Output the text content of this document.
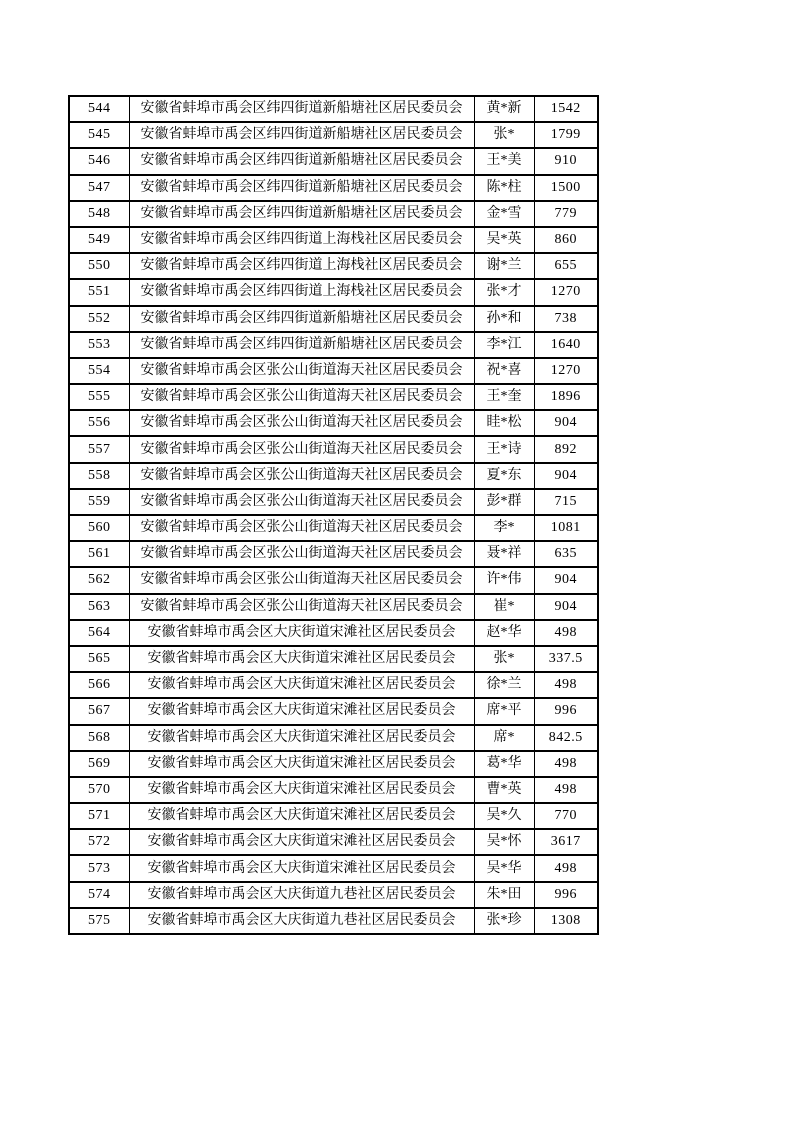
544	安徽省蚌埠市禹会区纬四街道新船塘社区居民委员会	黄*新	1542
545	安徽省蚌埠市禹会区纬四街道新船塘社区居民委员会	张*	1799
546	安徽省蚌埠市禹会区纬四街道新船塘社区居民委员会	王*美	910
547	安徽省蚌埠市禹会区纬四街道新船塘社区居民委员会	陈*柱	1500
548	安徽省蚌埠市禹会区纬四街道新船塘社区居民委员会	金*雪	779
549	安徽省蚌埠市禹会区纬四街道上海栈社区居民委员会	吴*英	860
550	安徽省蚌埠市禹会区纬四街道上海栈社区居民委员会	谢*兰	655
551	安徽省蚌埠市禹会区纬四街道上海栈社区居民委员会	张*才	1270
552	安徽省蚌埠市禹会区纬四街道新船塘社区居民委员会	孙*和	738
553	安徽省蚌埠市禹会区纬四街道新船塘社区居民委员会	李*江	1640
554	安徽省蚌埠市禹会区张公山街道海天社区居民委员会	祝*喜	1270
555	安徽省蚌埠市禹会区张公山街道海天社区居民委员会	王*奎	1896
556	安徽省蚌埠市禹会区张公山街道海天社区居民委员会	眭*松	904
557	安徽省蚌埠市禹会区张公山街道海天社区居民委员会	王*诗	892
558	安徽省蚌埠市禹会区张公山街道海天社区居民委员会	夏*东	904
559	安徽省蚌埠市禹会区张公山街道海天社区居民委员会	彭*群	715
560	安徽省蚌埠市禹会区张公山街道海天社区居民委员会	李*	1081
561	安徽省蚌埠市禹会区张公山街道海天社区居民委员会	聂*祥	635
562	安徽省蚌埠市禹会区张公山街道海天社区居民委员会	许*伟	904
563	安徽省蚌埠市禹会区张公山街道海天社区居民委员会	崔*	904
564	安徽省蚌埠市禹会区大庆街道宋滩社区居民委员会	赵*华	498
565	安徽省蚌埠市禹会区大庆街道宋滩社区居民委员会	张*	337.5
566	安徽省蚌埠市禹会区大庆街道宋滩社区居民委员会	徐*兰	498
567	安徽省蚌埠市禹会区大庆街道宋滩社区居民委员会	席*平	996
568	安徽省蚌埠市禹会区大庆街道宋滩社区居民委员会	席*	842.5
569	安徽省蚌埠市禹会区大庆街道宋滩社区居民委员会	葛*华	498
570	安徽省蚌埠市禹会区大庆街道宋滩社区居民委员会	曹*英	498
571	安徽省蚌埠市禹会区大庆街道宋滩社区居民委员会	吴*久	770
572	安徽省蚌埠市禹会区大庆街道宋滩社区居民委员会	吴*怀	3617
573	安徽省蚌埠市禹会区大庆街道宋滩社区居民委员会	吴*华	498
574	安徽省蚌埠市禹会区大庆街道九巷社区居民委员会	朱*田	996
575	安徽省蚌埠市禹会区大庆街道九巷社区居民委员会	张*珍	1308
